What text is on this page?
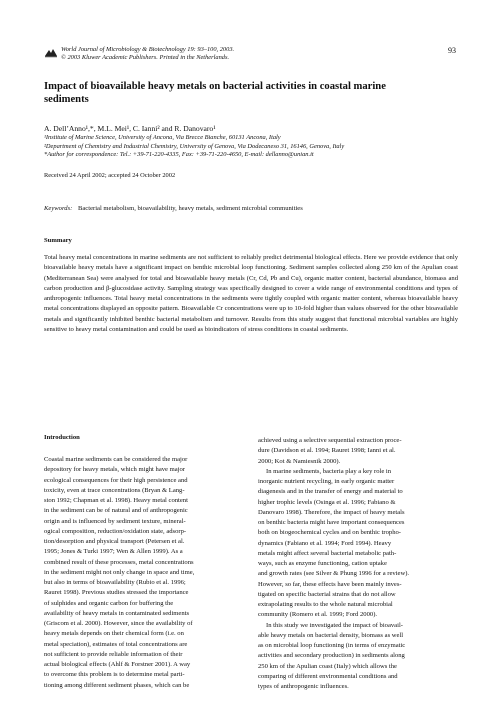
World Journal of Microbiology & Biotechnology 19: 93–100, 2003.
© 2003 Kluwer Academic Publishers. Printed in the Netherlands.
93
Impact of bioavailable heavy metals on bacterial activities in coastal marine
sediments
A. Dell’Anno¹,*, M.L. Mei¹, C. Ianni² and R. Danovaro¹
¹Institute of Marine Science, University of Ancona, Via Brecce Bianche, 60131 Ancona, Italy
²Department of Chemistry and Industrial Chemistry, University of Genova, Via Dodecaneso 31, 16146, Genova, Italy
*Author for correspondence: Tel.: +39-71-220-4335, Fax: +39-71-220-4650, E-mail: dellanno@unian.it
Received 24 April 2002; accepted 24 October 2002
Keywords: Bacterial metabolism, bioavailability, heavy metals, sediment microbial communities
Summary
Total heavy metal concentrations in marine sediments are not sufficient to reliably predict detrimental biological effects. Here we provide evidence that only bioavailable heavy metals have a significant impact on benthic microbial loop functioning. Sediment samples collected along 250 km of the Apulian coast (Mediterranean Sea) were analysed for total and bioavailable heavy metals (Cr, Cd, Pb and Cu), organic matter content, bacterial abundance, biomass and carbon production and β-glucosidase activity. Sampling strategy was specifically designed to cover a wide range of environmental conditions and types of anthropogenic influences. Total heavy metal concentrations in the sediments were tightly coupled with organic matter content, whereas bioavailable heavy metal concentrations displayed an opposite pattern. Bioavailable Cr concentrations were up to 10-fold higher than values observed for the other bioavailable metals and significantly inhibited benthic bacterial metabolism and turnover. Results from this study suggest that functional microbial variables are highly sensitive to heavy metal contamination and could be used as bioindicators of stress conditions in coastal sediments.
Introduction
Coastal marine sediments can be considered the major
depository for heavy metals, which might have major
ecological consequences for their high persistence and
toxicity, even at trace concentrations (Bryan & Lang-
ston 1992; Chapman et al. 1998). Heavy metal content
in the sediment can be of natural and of anthropogenic
origin and is influenced by sediment texture, mineral-
ogical composition, reduction/oxidation state, adsorp-
tion/desorption and physical transport (Petersen et al.
1995; Jones & Turki 1997; Wen & Allen 1999). As a
combined result of these processes, metal concentrations
in the sediment might not only change in space and time,
but also in terms of bioavailability (Rubio et al. 1996;
Rauret 1998). Previous studies stressed the importance
of sulphides and organic carbon for buffering the
availability of heavy metals in contaminated sediments
(Griscom et al. 2000). However, since the availability of
heavy metals depends on their chemical form (i.e. on
metal speciation), estimates of total concentrations are
not sufficient to provide reliable information of their
actual biological effects (Ahlf & Forstner 2001). A way
to overcome this problem is to determine metal parti-
tioning among different sediment phases, which can be
achieved using a selective sequential extraction proce-
dure (Davidson et al. 1994; Rauret 1998; Ianni et al.
2000; Kot & Namiesnik 2000).
In marine sediments, bacteria play a key role in
inorganic nutrient recycling, in early organic matter
diagenesis and in the transfer of energy and material to
higher trophic levels (Osinga et al. 1996; Fabiano &
Danovaro 1998). Therefore, the impact of heavy metals
on benthic bacteria might have important consequences
both on biogeochemical cycles and on benthic tropho-
dynamics (Fabiano et al. 1994; Ford 1994). Heavy
metals might affect several bacterial metabolic path-
ways, such as enzyme functioning, cation uptake
and growth rates (see Silver & Phung 1996 for a review).
However, so far, these effects have been mainly inves-
tigated on specific bacterial strains that do not allow
extrapolating results to the whole natural microbial
community (Romero et al. 1999; Ford 2000).
In this study we investigated the impact of bioavail-
able heavy metals on bacterial density, biomass as well
as on microbial loop functioning (in terms of enzymatic
activities and secondary production) in sediments along
250 km of the Apulian coast (Italy) which allows the
comparing of different environmental conditions and
types of anthropogenic influences.
